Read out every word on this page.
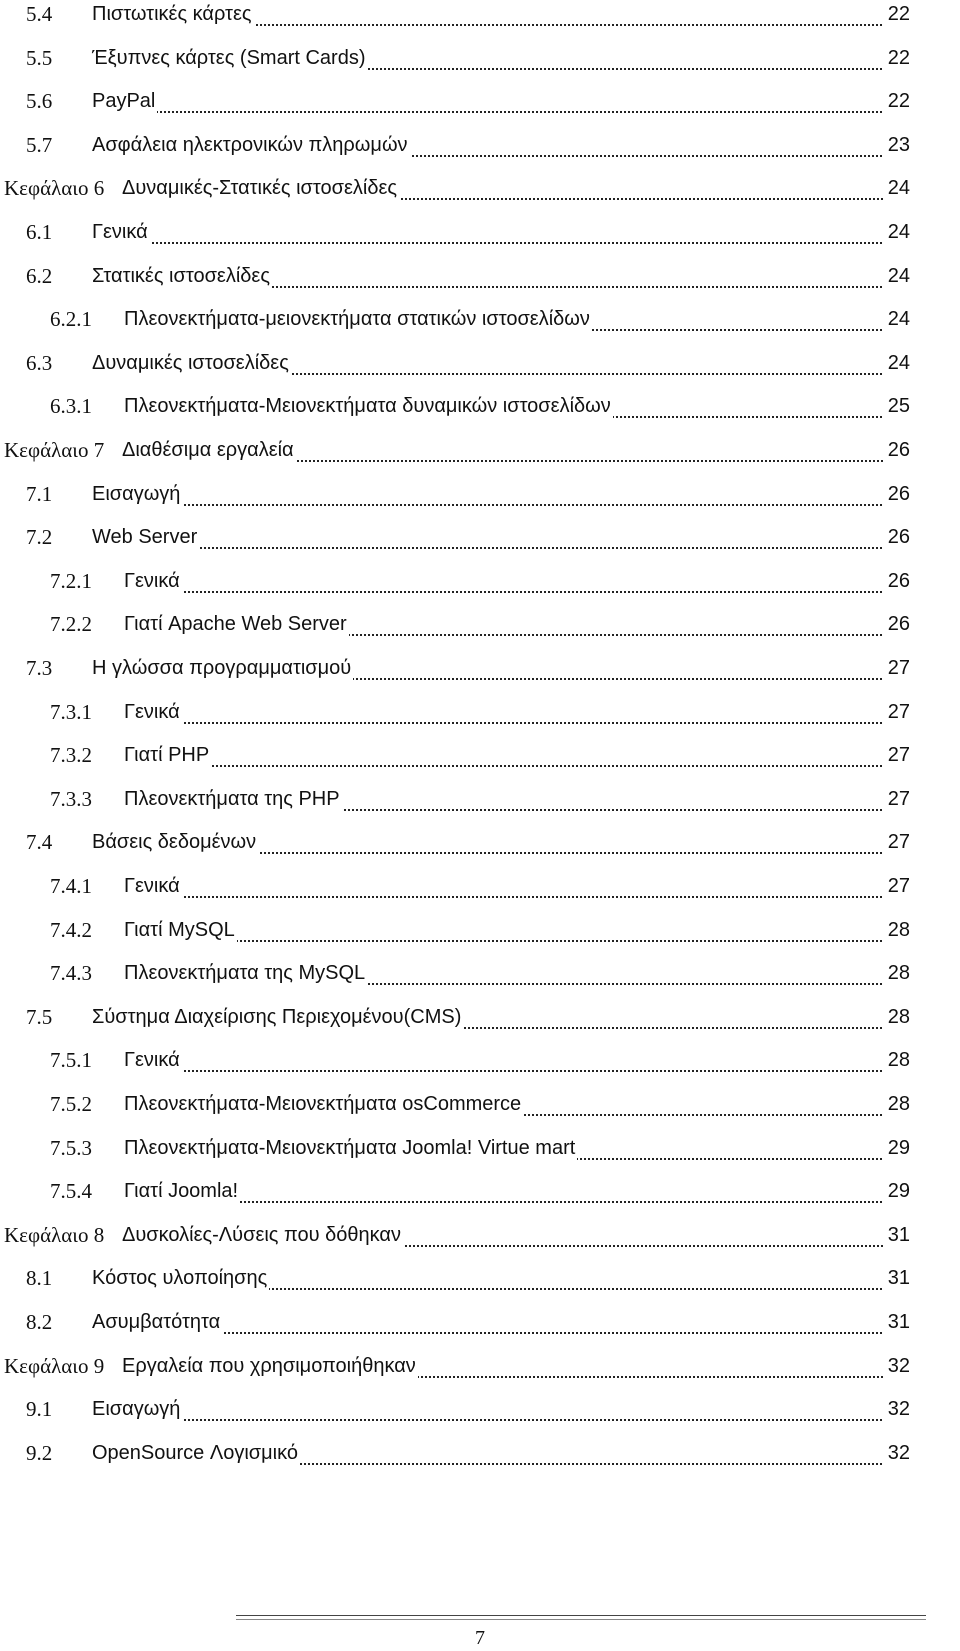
5.4 Πιστωτικές κάρτες	22
5.5 Έξυπνες κάρτες (Smart Cards)	22
5.6 PayPal	22
5.7 Ασφάλεια ηλεκτρονικών πληρωμών	23
Κεφάλαιο 6 Δυναμικές-Στατικές ιστοσελίδες	24
6.1 Γενικά	24
6.2 Στατικές ιστοσελίδες	24
6.2.1 Πλεονεκτήματα-μειονεκτήματα στατικών ιστοσελίδων	24
6.3 Δυναμικές ιστοσελίδες	24
6.3.1 Πλεονεκτήματα-Μειονεκτήματα δυναμικών ιστοσελίδων	25
Κεφάλαιο 7 Διαθέσιμα εργαλεία	26
7.1 Εισαγωγή	26
7.2 Web Server	26
7.2.1 Γενικά	26
7.2.2 Γιατί Apache Web Server	26
7.3 Η γλώσσα προγραμματισμού	27
7.3.1 Γενικά	27
7.3.2 Γιατί PHP	27
7.3.3 Πλεονεκτήματα της PHP	27
7.4 Βάσεις δεδομένων	27
7.4.1 Γενικά	27
7.4.2 Γιατί MySQL	28
7.4.3 Πλεονεκτήματα της MySQL	28
7.5 Σύστημα Διαχείρισης Περιεχομένου(CMS)	28
7.5.1 Γενικά	28
7.5.2 Πλεονεκτήματα-Μειονεκτήματα osCommerce	28
7.5.3 Πλεονεκτήματα-Μειονεκτήματα Joomla! Virtue mart	29
7.5.4 Γιατί Joomla!	29
Κεφάλαιο 8 Δυσκολίες-Λύσεις που δόθηκαν	31
8.1 Κόστος υλοποίησης	31
8.2 Ασυμβατότητα	31
Κεφάλαιο 9 Εργαλεία που χρησιμοποιήθηκαν	32
9.1 Εισαγωγή	32
9.2 OpenSource Λογισμικό	32
7
